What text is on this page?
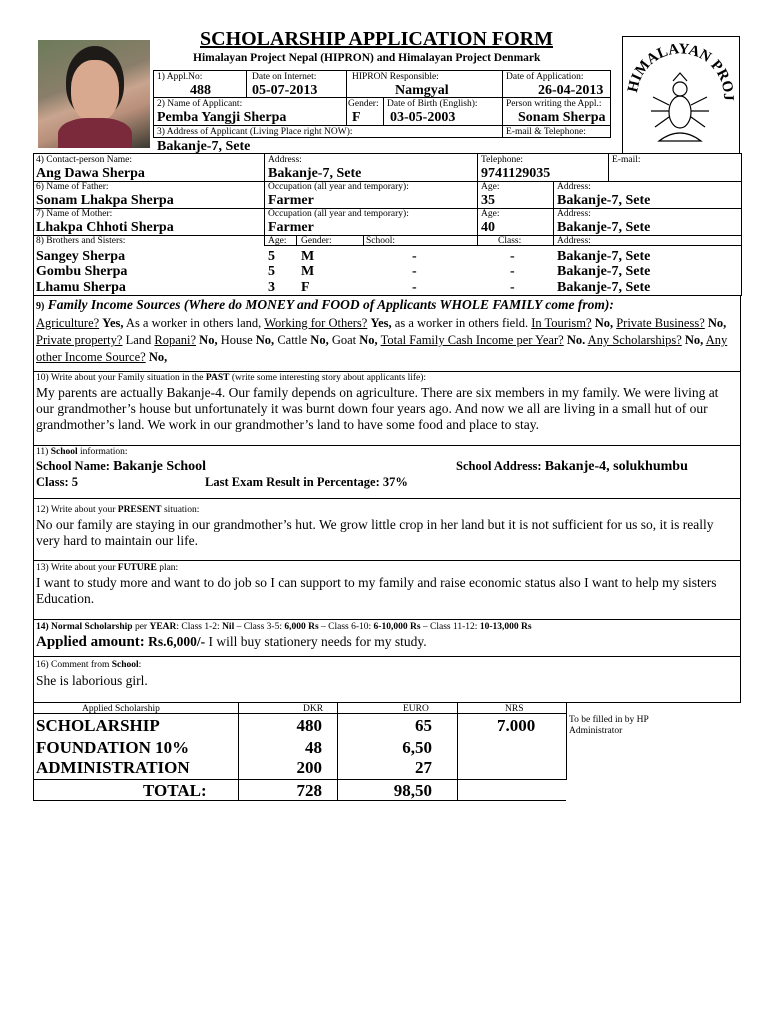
SCHOLARSHIP APPLICATION FORM
Himalayan Project Nepal (HIPRON) and Himalayan Project Denmark
HIMALAYAN PROJ
1) Appl.No:
488
Date on Internet:
05-07-2013
HIPRON Responsible:
Namgyal
Date of Application:
26-04-2013
2) Name of Applicant:
Pemba Yangji Sherpa
Gender:
F
Date of Birth (English):
03-05-2003
Person writing the Appl.:
Sonam Sherpa
3) Address of Applicant (Living Place right NOW):
Bakanje-7, Sete
E-mail & Telephone:
4) Contact-person Name:
Ang Dawa Sherpa
Address:
Bakanje-7, Sete
Telephone:
9741129035
E-mail:
6) Name of Father:
Sonam Lhakpa Sherpa
Occupation (all year and temporary):
Farmer
Age:
35
Address:
Bakanje-7, Sete
7) Name of Mother:
Lhakpa Chhoti Sherpa
Occupation (all year and temporary):
Farmer
Age:
40
Address:
Bakanje-7, Sete
8) Brothers and Sisters:	Age: Gender:	School:	Class:	Address:
Sangey Sherpa	5 M	-	-	Bakanje-7, Sete
Gombu Sherpa	5 M	-	-	Bakanje-7, Sete
Lhamu Sherpa	3 F	-	-	Bakanje-7, Sete
9) Family Income Sources (Where do MONEY and FOOD of Applicants WHOLE FAMILY come from):
Agriculture? Yes, As a worker in others land, Working for Others? Yes, as a worker in others field. In Tourism? No, Private Business? No, Private property? Land Ropani? No, House No, Cattle No, Goat No, Total Family Cash Income per Year? No. Any Scholarships? No, Any other Income Source? No,
10) Write about your Family situation in the PAST (write some interesting story about applicants life):
My parents are actually Bakanje-4. Our family depends on agriculture. There are six members in my family. We were living at our grandmother’s house but unfortunately it was burnt down four years ago. And now we all are living in a small hut of our grandmother’s land. We work in our grandmother’s land to have some food and place to stay.
11) School information:
School Name: Bakanje School	School Address: Bakanje-4, solukhumbu
Class: 5	Last Exam Result in Percentage: 37%
12) Write about your PRESENT situation:
No our family are staying in our grandmother’s hut. We grow little crop in her land but it is not sufficient for us so, it is really very hard to maintain our life.
13) Write about your FUTURE plan:
I want to study more and want to do job so I can support to my family and raise economic status also I want to help my sisters Education.
14) Normal Scholarship per YEAR: Class 1-2: Nil – Class 3-5: 6,000 Rs – Class 6-10: 6-10,000 Rs – Class 11-12: 10-13,000 Rs
Applied amount: Rs.6,000/- I will buy stationery needs for my study.
16) Comment from School:
She is laborious girl.
Applied Scholarship	DKR	EURO	NRS
SCHOLARSHIP	480	65	7.000
FOUNDATION 10%	48	6,50
ADMINISTRATION	200	27
TOTAL:	728	98,50
To be filled in by HP Administrator
